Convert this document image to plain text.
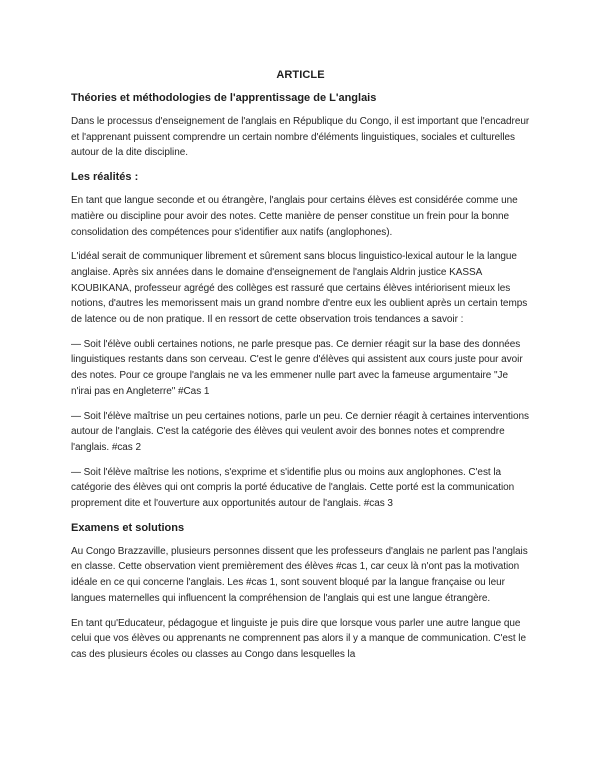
ARTICLE
Théories et méthodologies de l'apprentissage de L'anglais

Dans le processus d'enseignement de l'anglais en République du Congo, il est important que l'encadreur et l'apprenant puissent comprendre un certain nombre d'éléments linguistiques, sociales et culturelles autour de la dite discipline.

Les réalités :

En tant que langue seconde et ou étrangère, l'anglais pour certains élèves est considérée comme une matière ou discipline pour avoir des notes. Cette manière de penser constitue un frein pour la bonne consolidation des compétences pour s'identifier aux natifs (anglophones).

L'idéal serait de communiquer librement et sûrement sans blocus linguistico-lexical autour le la langue anglaise. Après six années dans le domaine d'enseignement de l'anglais Aldrin justice KASSA KOUBIKANA, professeur agrégé des collèges est rassuré que certains élèves intériorisent mieux les notions, d'autres les memorissent mais un grand nombre d'entre eux les oublient après un certain temps de latence ou de non pratique. Il en ressort de cette observation trois tendances a savoir :

— Soit l'élève oubli certaines notions, ne parle presque pas. Ce dernier réagit sur la base des données linguistiques restants dans son cerveau. C'est le genre d'élèves qui assistent aux cours juste pour avoir des notes. Pour ce groupe l'anglais ne va les emmener nulle part avec la fameuse argumentaire "Je n'irai pas en Angleterre" #Cas 1

— Soit l'élève maîtrise un peu certaines notions, parle un peu. Ce dernier réagit à certaines interventions autour de l'anglais. C'est la catégorie des élèves qui veulent avoir des bonnes notes et comprendre l'anglais. #cas 2

— Soit l'élève maîtrise les notions, s'exprime et s'identifie plus ou moins aux anglophones. C'est la catégorie des élèves qui ont compris la porté éducative de l'anglais. Cette porté est la communication proprement dite et l'ouverture aux opportunités autour de l'anglais. #cas 3

Examens et solutions

Au Congo Brazzaville, plusieurs personnes dissent que les professeurs d'anglais ne parlent pas l'anglais en classe. Cette observation vient premièrement des élèves #cas 1, car ceux là n'ont pas la motivation idéale en ce qui concerne l'anglais. Les #cas 1, sont souvent bloqué par la langue française ou leur langues maternelles qui influencent la compréhension de l'anglais qui est une langue étrangère.

En tant qu'Educateur, pédagogue et linguiste je puis dire que lorsque vous parler une autre langue que celui que vos élèves ou apprenants ne comprennent pas alors il y a manque de communication. C'est le cas des plusieurs écoles ou classes au Congo dans lesquelles la
